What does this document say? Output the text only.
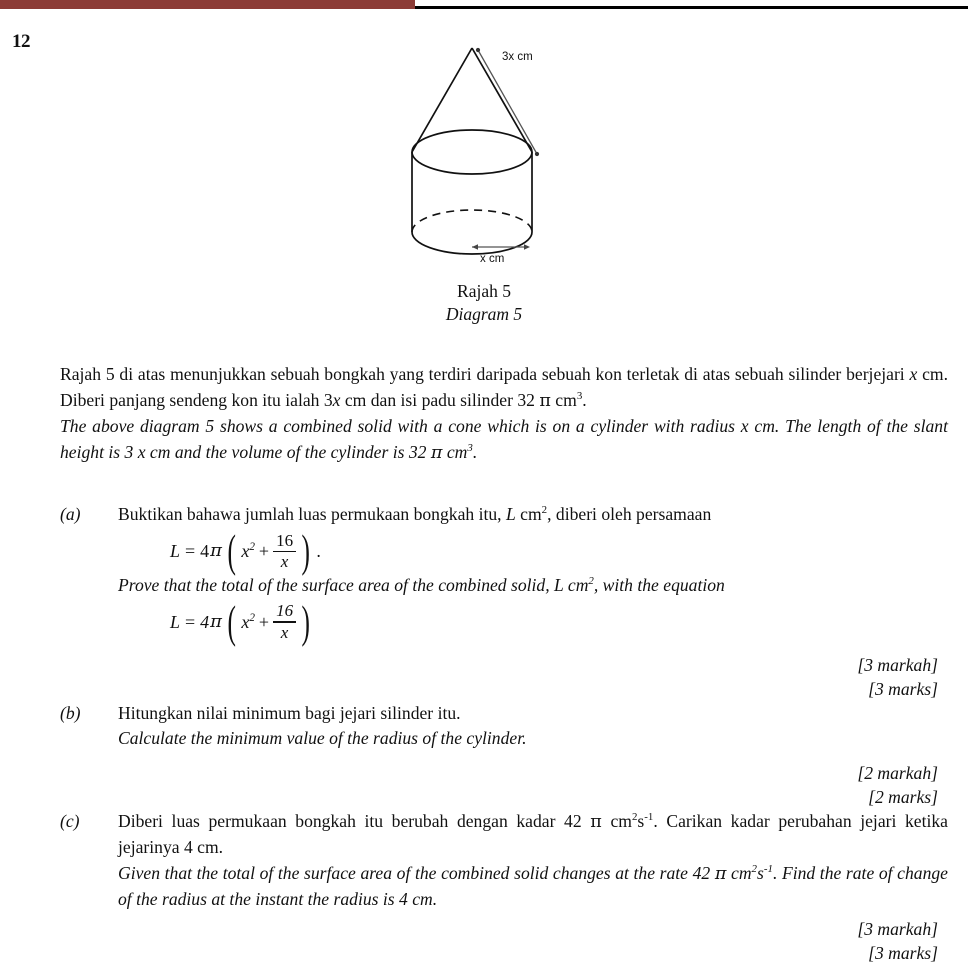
12
3x cm
x cm
Rajah 5
Diagram 5

Rajah 5 di atas menunjukkan sebuah bongkah yang terdiri daripada sebuah kon terletak di atas sebuah silinder berjejari x cm. Diberi panjang sendeng kon itu ialah 3x cm dan isi padu silinder 32 π $cm^3$.

The above diagram 5 shows a combined solid with a cone which is on a cylinder with radius x cm. The length of the slant height is 3 x cm and the volume of the cylinder is 32 π $cm^3$.

(a)	Buktikan bahawa jumlah luas permukaan bongkah itu, L $cm^2$, diberi oleh persamaan

L = 4 π ( $x^2 + \frac{16}{x}$ ) .

Prove that the total of the surface area of the combined solid, L $cm^2$, with the equation

L = 4 π ( $x^2 + \frac{16}{x}$ )
[3 markah]
[3 marks]
(b)	Hitungkan nilai minimum bagi jejari silinder itu.

Calculate the minimum value of the radius of the cylinder.

[2 markah]
[2 marks]
(c)	Diberi luas permukaan bongkah itu berubah dengan kadar 42 π $cm^2s^{-1}$. Carikan kadar perubahan jejari ketika jejarinya 4 cm.

Given that the total of the surface area of the combined solid changes at the rate 42 π $cm^2s^{-1}$. Find the rate of change of the radius at the instant the radius is 4 cm.

[3 markah]
[3 marks]
